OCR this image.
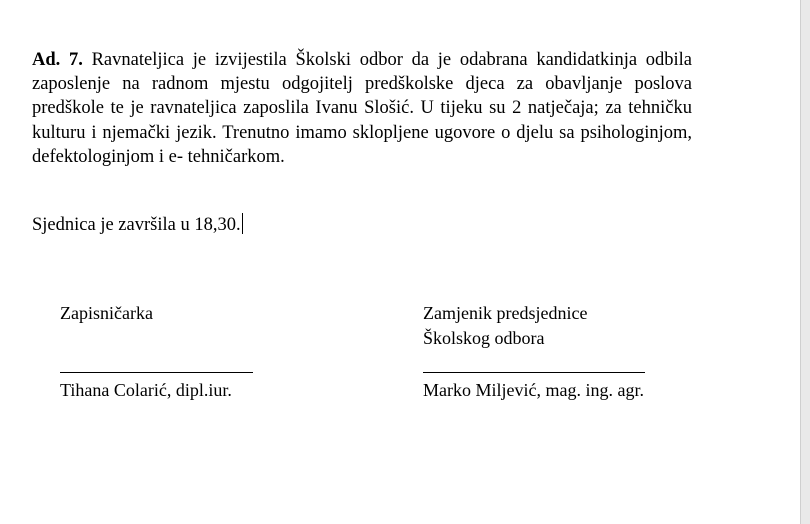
Ad. 7. Ravnateljica je izvijestila Školski odbor da je odabrana kandidatkinja odbila zaposlenje na radnom mjestu odgojitelj predškolske djeca za obavljanje poslova predškole te je ravnateljica zaposlila Ivanu Slošić. U tijeku su 2 natječaja; za tehničku kulturu i njemački jezik. Trenutno imamo sklopljene ugovore o djelu sa psihologinjom, defektologinjom i e- tehničarkom.

Sjednica je završila u 18,30.

Zapisničarka

Tihana Colarić, dipl.iur.

Zamjenik predsjednice

Školskog odbora

Marko Miljević, mag. ing. agr.
